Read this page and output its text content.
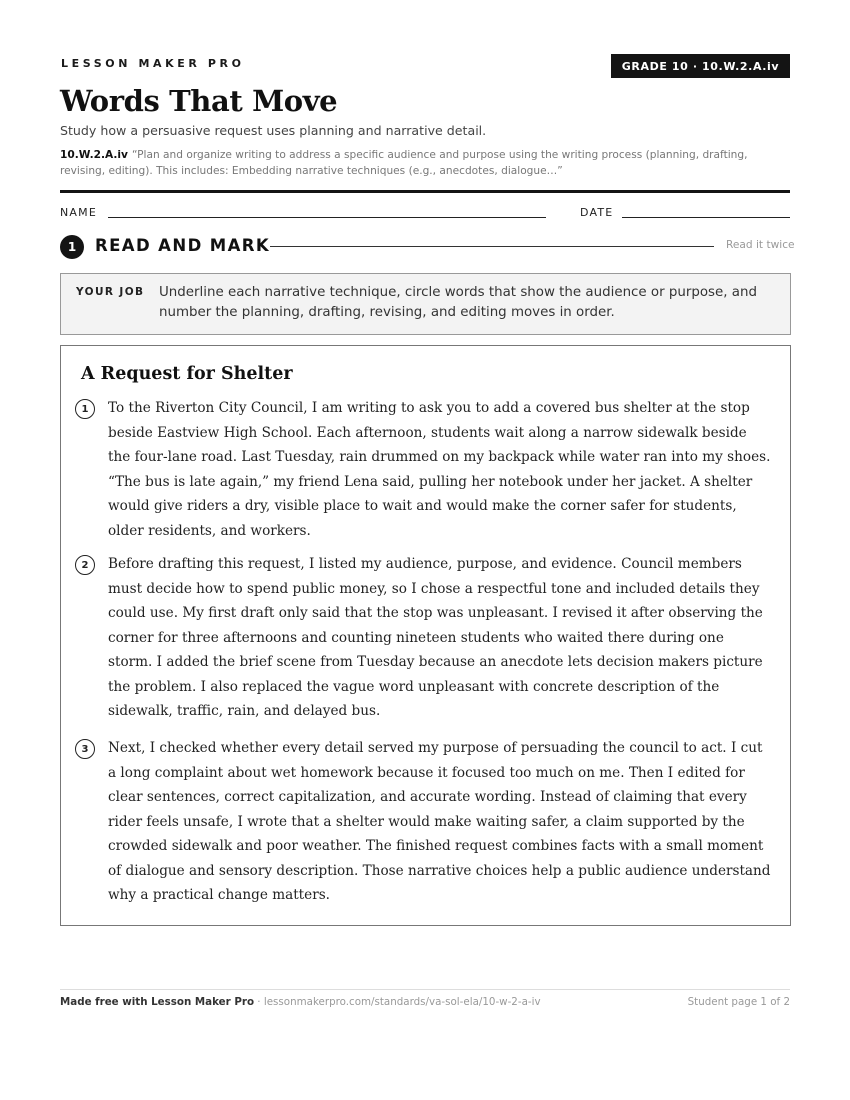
LESSON MAKER PRO	GRADE 10 · 10.W.2.A.iv
Words That Move
Study how a persuasive request uses planning and narrative detail.
10.W.2.A.iv “Plan and organize writing to address a specific audience and purpose using the writing process (planning, drafting, revising, editing). This includes: Embedding narrative techniques (e.g., anecdotes, dialogue…”
NAME	DATE
1	READ AND MARK	Read it twice
YOUR JOB Underline each narrative technique, circle words that show the audience or purpose, and number the planning, drafting, revising, and editing moves in order.
A Request for Shelter
1	To the Riverton City Council, I am writing to ask you to add a covered bus shelter at the stop beside Eastview High School. Each afternoon, students wait along a narrow sidewalk beside the four-lane road. Last Tuesday, rain drummed on my backpack while water ran into my shoes. “The bus is late again,” my friend Lena said, pulling her notebook under her jacket. A shelter would give riders a dry, visible place to wait and would make the corner safer for students, older residents, and workers.
2	Before drafting this request, I listed my audience, purpose, and evidence. Council members must decide how to spend public money, so I chose a respectful tone and included details they could use. My first draft only said that the stop was unpleasant. I revised it after observing the corner for three afternoons and counting nineteen students who waited there during one storm. I added the brief scene from Tuesday because an anecdote lets decision makers picture the problem. I also replaced the vague word unpleasant with concrete description of the sidewalk, traffic, rain, and delayed bus.
3	Next, I checked whether every detail served my purpose of persuading the council to act. I cut a long complaint about wet homework because it focused too much on me. Then I edited for clear sentences, correct capitalization, and accurate wording. Instead of claiming that every rider feels unsafe, I wrote that a shelter would make waiting safer, a claim supported by the crowded sidewalk and poor weather. The finished request combines facts with a small moment of dialogue and sensory description. Those narrative choices help a public audience understand why a practical change matters.
Made free with Lesson Maker Pro · lessonmakerpro.com/standards/va-sol-ela/10-w-2-a-iv	Student page 1 of 2
